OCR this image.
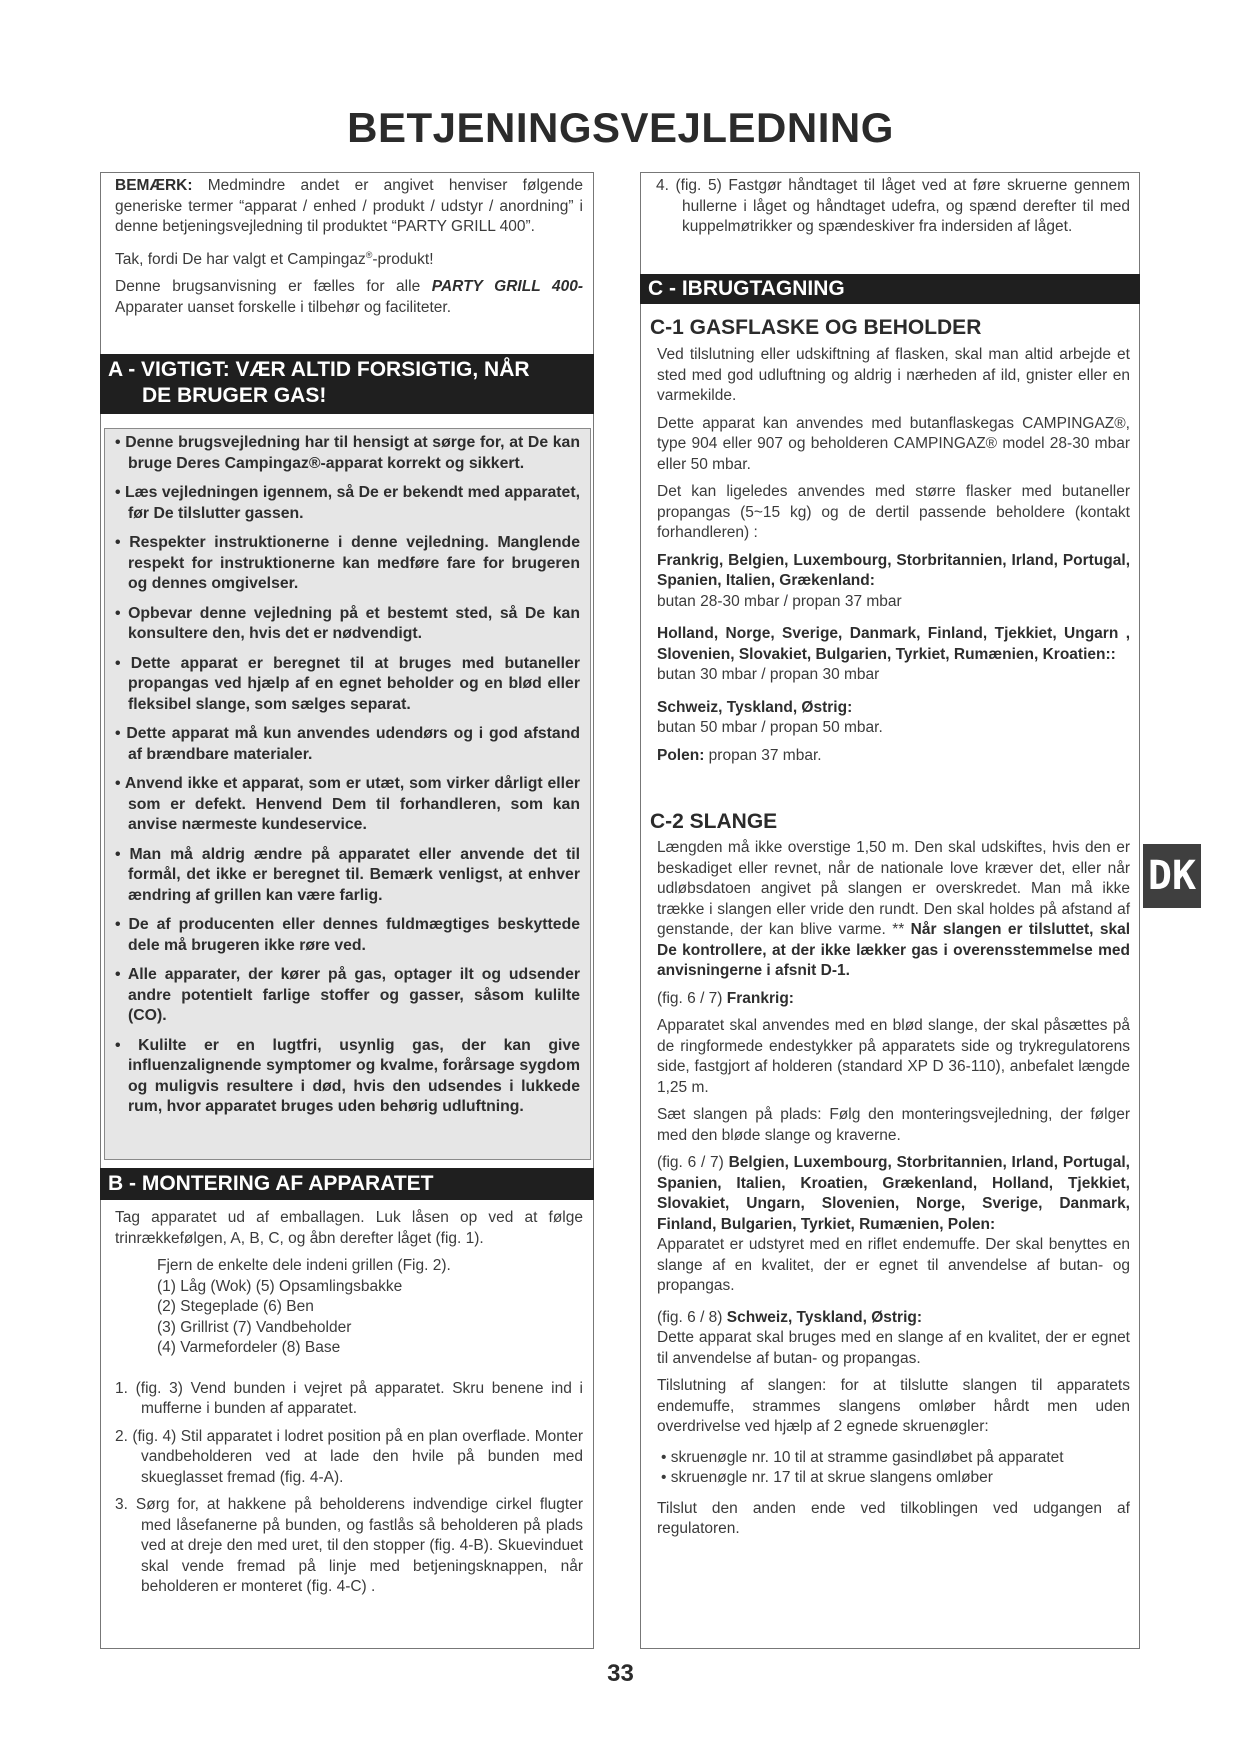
BETJENINGSVEJLEDNING

BEMÆRK: Medmindre andet er angivet henviser følgende generiske termer “apparat / enhed / produkt / udstyr / anordning” i denne betjeningsvejledning til produktet “PARTY GRILL 400”.

Tak, fordi De har valgt et Campingaz®-produkt!

Denne brugsanvisning er fælles for alle PARTY GRILL 400-Apparater uanset forskelle i tilbehør og faciliteter.

A - VIGTIGT: VÆR ALTID FORSIGTIG, NÅR
DE BRUGER GAS!
• Denne brugsvejledning har til hensigt at sørge for, at De kan bruge Deres Campingaz®-apparat korrekt og sikkert.
• Læs vejledningen igennem, så De er bekendt med apparatet, før De tilslutter gassen.
• Respekter instruktionerne i denne vejledning. Manglende respekt for instruktionerne kan medføre fare for brugeren og dennes omgivelser.
• Opbevar denne vejledning på et bestemt sted, så De kan konsultere den, hvis det er nødvendigt.
• Dette apparat er beregnet til at bruges med butaneller propangas ved hjælp af en egnet beholder og en blød eller fleksibel slange, som sælges separat.
• Dette apparat må kun anvendes udendørs og i god afstand af brændbare materialer.
• Anvend ikke et apparat, som er utæt, som virker dårligt eller som er defekt. Henvend Dem til forhandleren, som kan anvise nærmeste kundeservice.
• Man må aldrig ændre på apparatet eller anvende det til formål, det ikke er beregnet til. Bemærk venligst, at enhver ændring af grillen kan være farlig.
• De af producenten eller dennes fuldmægtiges beskyttede dele må brugeren ikke røre ved.
• Alle apparater, der kører på gas, optager ilt og udsender andre potentielt farlige stoffer og gasser, såsom kulilte (CO).
• Kulilte er en lugtfri, usynlig gas, der kan give influenzalignende symptomer og kvalme, forårsage sygdom og muligvis resultere i død, hvis den udsendes i lukkede rum, hvor apparatet bruges uden behørig udluftning.
B - MONTERING AF APPARATET

Tag apparatet ud af emballagen. Luk låsen op ved at følge trinrækkefølgen, A, B, C, og åbn derefter låget (fig. 1).

Fjern de enkelte dele indeni grillen (Fig. 2).
(1) Låg (Wok) (5) Opsamlingsbakke
(2) Stegeplade (6) Ben
(3) Grillrist (7) Vandbeholder
(4) Varmefordeler (8) Base

1. (fig. 3) Vend bunden i vejret på apparatet. Skru benene ind i mufferne i bunden af apparatet.

2. (fig. 4) Stil apparatet i lodret position på en plan overflade. Monter vandbeholderen ved at lade den hvile på bunden med skueglasset fremad (fig. 4-A).

3. Sørg for, at hakkene på beholderens indvendige cirkel flugter med låsefanerne på bunden, og fastlås så beholderen på plads ved at dreje den med uret, til den stopper (fig. 4-B). Skuevinduet skal vende fremad på linje med betjeningsknappen, når beholderen er monteret (fig. 4-C) .

4. (fig. 5) Fastgør håndtaget til låget ved at føre skruerne gennem hullerne i låget og håndtaget udefra, og spænd derefter til med kuppelmøtrikker og spændeskiver fra indersiden af låget.

C - IBRUGTAGNING
C-1 GASFLASKE OG BEHOLDER

Ved tilslutning eller udskiftning af flasken, skal man altid arbejde et sted med god udluftning og aldrig i nærheden af ild, gnister eller en varmekilde.

Dette apparat kan anvendes med butanflaskegas CAMPINGAZ®, type 904 eller 907 og beholderen CAMPINGAZ® model 28-30 mbar eller 50 mbar.

Det kan ligeledes anvendes med større flasker med butaneller propangas (5~15 kg) og de dertil passende beholdere (kontakt forhandleren) :

Frankrig, Belgien, Luxembourg, Storbritannien, Irland, Portugal, Spanien, Italien, Grækenland:

butan 28-30 mbar / propan 37 mbar

Holland, Norge, Sverige, Danmark, Finland, Tjekkiet, Ungarn , Slovenien, Slovakiet, Bulgarien, Tyrkiet, Rumænien, Kroatien::

butan 30 mbar / propan 30 mbar

Schweiz, Tyskland, Østrig:

butan 50 mbar / propan 50 mbar.

Polen: propan 37 mbar.

C-2 SLANGE

Længden må ikke overstige 1,50 m. Den skal udskiftes, hvis den er beskadiget eller revnet, når de nationale love kræver det, eller når udløbsdatoen angivet på slangen er overskredet. Man må ikke trække i slangen eller vride den rundt. Den skal holdes på afstand af genstande, der kan blive varme. ** Når slangen er tilsluttet, skal De kontrollere, at der ikke lækker gas i overensstemmelse med anvisningerne i afsnit D-1.

(fig. 6 / 7) Frankrig:

Apparatet skal anvendes med en blød slange, der skal påsættes på de ringformede endestykker på apparatets side og trykregulatorens side, fastgjort af holderen (standard XP D 36-110), anbefalet længde 1,25 m.

Sæt slangen på plads: Følg den monteringsvejledning, der følger med den bløde slange og kraverne.

(fig. 6 / 7) Belgien, Luxembourg, Storbritannien, Irland, Portugal, Spanien, Italien, Kroatien, Grækenland, Holland, Tjekkiet, Slovakiet, Ungarn, Slovenien, Norge, Sverige, Danmark, Finland, Bulgarien, Tyrkiet, Rumænien, Polen:

Apparatet er udstyret med en riflet endemuffe. Der skal benyttes en slange af en kvalitet, der er egnet til anvendelse af butan- og propangas.

(fig. 6 / 8) Schweiz, Tyskland, Østrig:

Dette apparat skal bruges med en slange af en kvalitet, der er egnet til anvendelse af butan- og propangas.

Tilslutning af slangen: for at tilslutte slangen til apparatets endemuffe, strammes slangens omløber hårdt men uden overdrivelse ved hjælp af 2 egnede skruenøgler:

• skruenøgle nr. 10 til at stramme gasindløbet på apparatet
• skruenøgle nr. 17 til at skrue slangens omløber

Tilslut den anden ende ved tilkoblingen ved udgangen af regulatoren.

DK
33
